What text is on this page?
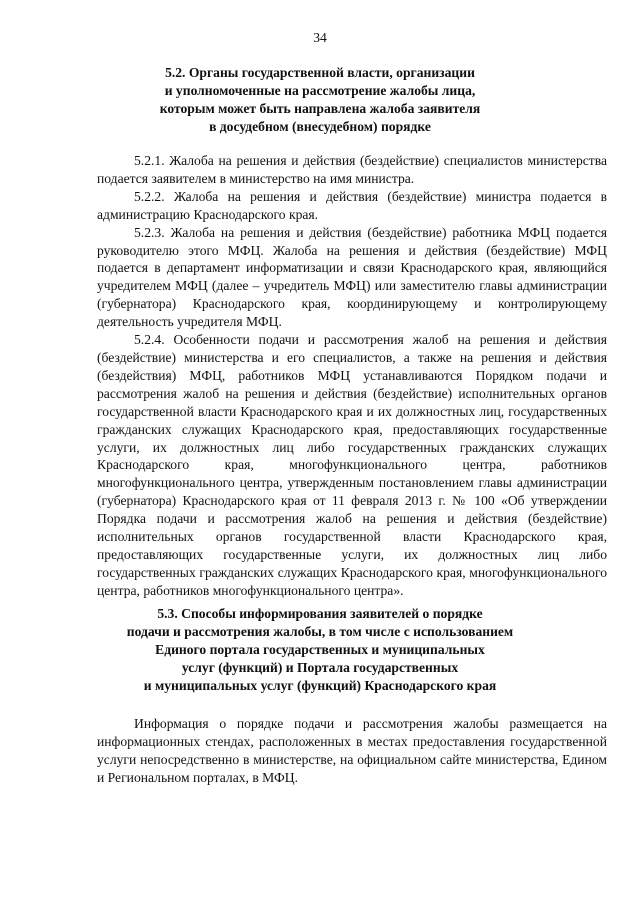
34
5.2. Органы государственной власти, организации
и уполномоченные на рассмотрение жалобы лица,
которым может быть направлена жалоба заявителя
в досудебном (внесудебном) порядке

5.2.1. Жалоба на решения и действия (бездействие) специалистов министерства подается заявителем в министерство на имя министра.

5.2.2. Жалоба на решения и действия (бездействие) министра подается в администрацию Краснодарского края.

5.2.3. Жалоба на решения и действия (бездействие) работника МФЦ подается руководителю этого МФЦ. Жалоба на решения и действия (бездействие) МФЦ подается в департамент информатизации и связи Краснодарского края, являющийся учредителем МФЦ (далее – учредитель МФЦ) или заместителю главы администрации (губернатора) Краснодарского края, координирующему и контролирующему деятельность учредителя МФЦ.

5.2.4. Особенности подачи и рассмотрения жалоб на решения и действия (бездействие) министерства и его специалистов, а также на решения и действия (бездействия) МФЦ, работников МФЦ устанавливаются Порядком подачи и рассмотрения жалоб на решения и действия (бездействие) исполнительных органов государственной власти Краснодарского края и их должностных лиц, государственных гражданских служащих Краснодарского края, предоставляющих государственные услуги, их должностных лиц либо государственных гражданских служащих Краснодарского края, многофункционального центра, работников многофункционального центра, утвержденным постановлением главы администрации (губернатора) Краснодарского края от 11 февраля 2013 г. № 100 «Об утверждении Порядка подачи и рассмотрения жалоб на решения и действия (бездействие) исполнительных органов государственной власти Краснодарского края, предоставляющих государственные услуги, их должностных лиц либо государственных гражданских служащих Краснодарского края, многофункционального центра, работников многофункционального центра».

5.3. Способы информирования заявителей о порядке
подачи и рассмотрения жалобы, в том числе с использованием
Единого портала государственных и муниципальных
услуг (функций) и Портала государственных
и муниципальных услуг (функций) Краснодарского края

Информация о порядке подачи и рассмотрения жалобы размещается на информационных стендах, расположенных в местах предоставления государственной услуги непосредственно в министерстве, на официальном сайте министерства, Едином и Региональном порталах, в МФЦ.
